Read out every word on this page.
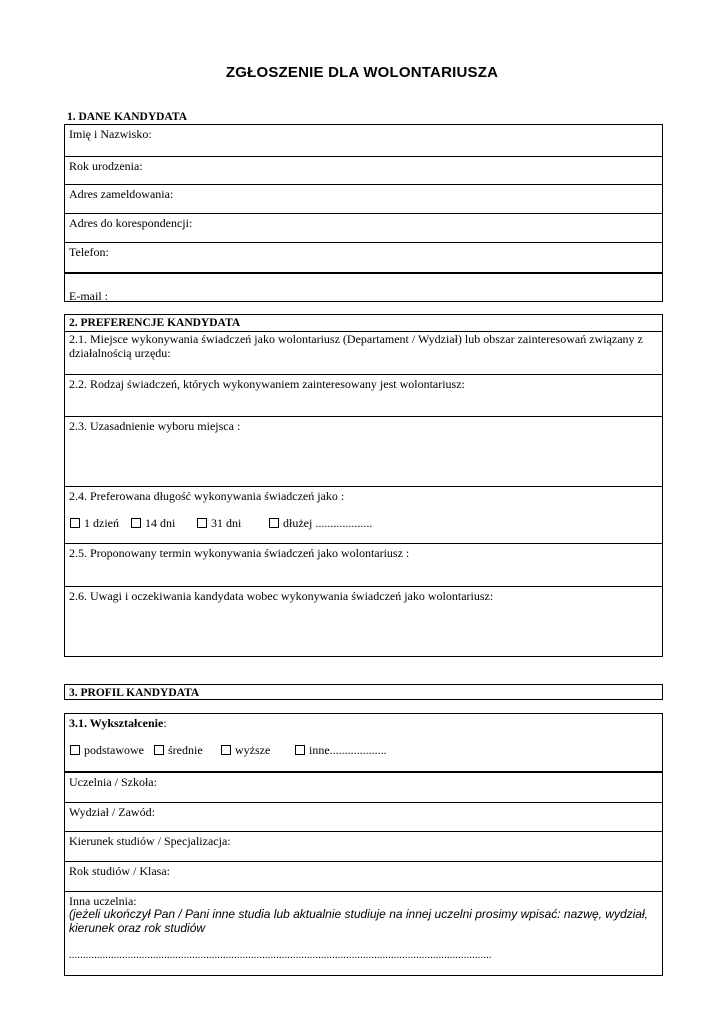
ZGŁOSZENIE DLA WOLONTARIUSZA
1. DANE KANDYDATA
Imię i Nazwisko:
Rok urodzenia:
Adres zameldowania:
Adres do korespondencji:
Telefon:
E-mail :
2. PREFERENCJE KANDYDATA
2.1. Miejsce wykonywania świadczeń jako wolontariusz (Departament / Wydział) lub obszar zainteresowań związany z działalnością urzędu:
2.2. Rodzaj świadczeń, których wykonywaniem zainteresowany jest wolontariusz:
2.3. Uzasadnienie wyboru miejsca :
2.4. Preferowana długość wykonywania świadczeń jako :
1 dzień	14 dni	31 dni	dłużej ...................
2.5. Proponowany termin wykonywania świadczeń jako wolontariusz :
2.6. Uwagi i oczekiwania kandydata wobec wykonywania świadczeń jako wolontariusz:
3. PROFIL KANDYDATA
3.1. Wykształcenie:
podstawowe	średnie	wyższe	inne...................
Uczelnia / Szkoła:
Wydział / Zawód:
Kierunek studiów / Specjalizacja:
Rok studiów / Klasa:
Inna uczelnia:
(jeżeli ukończył Pan / Pani inne studia lub aktualnie studiuje na innej uczelni prosimy wpisać: nazwę, wydział, kierunek oraz rok studiów
.......................................................................................................................................................
